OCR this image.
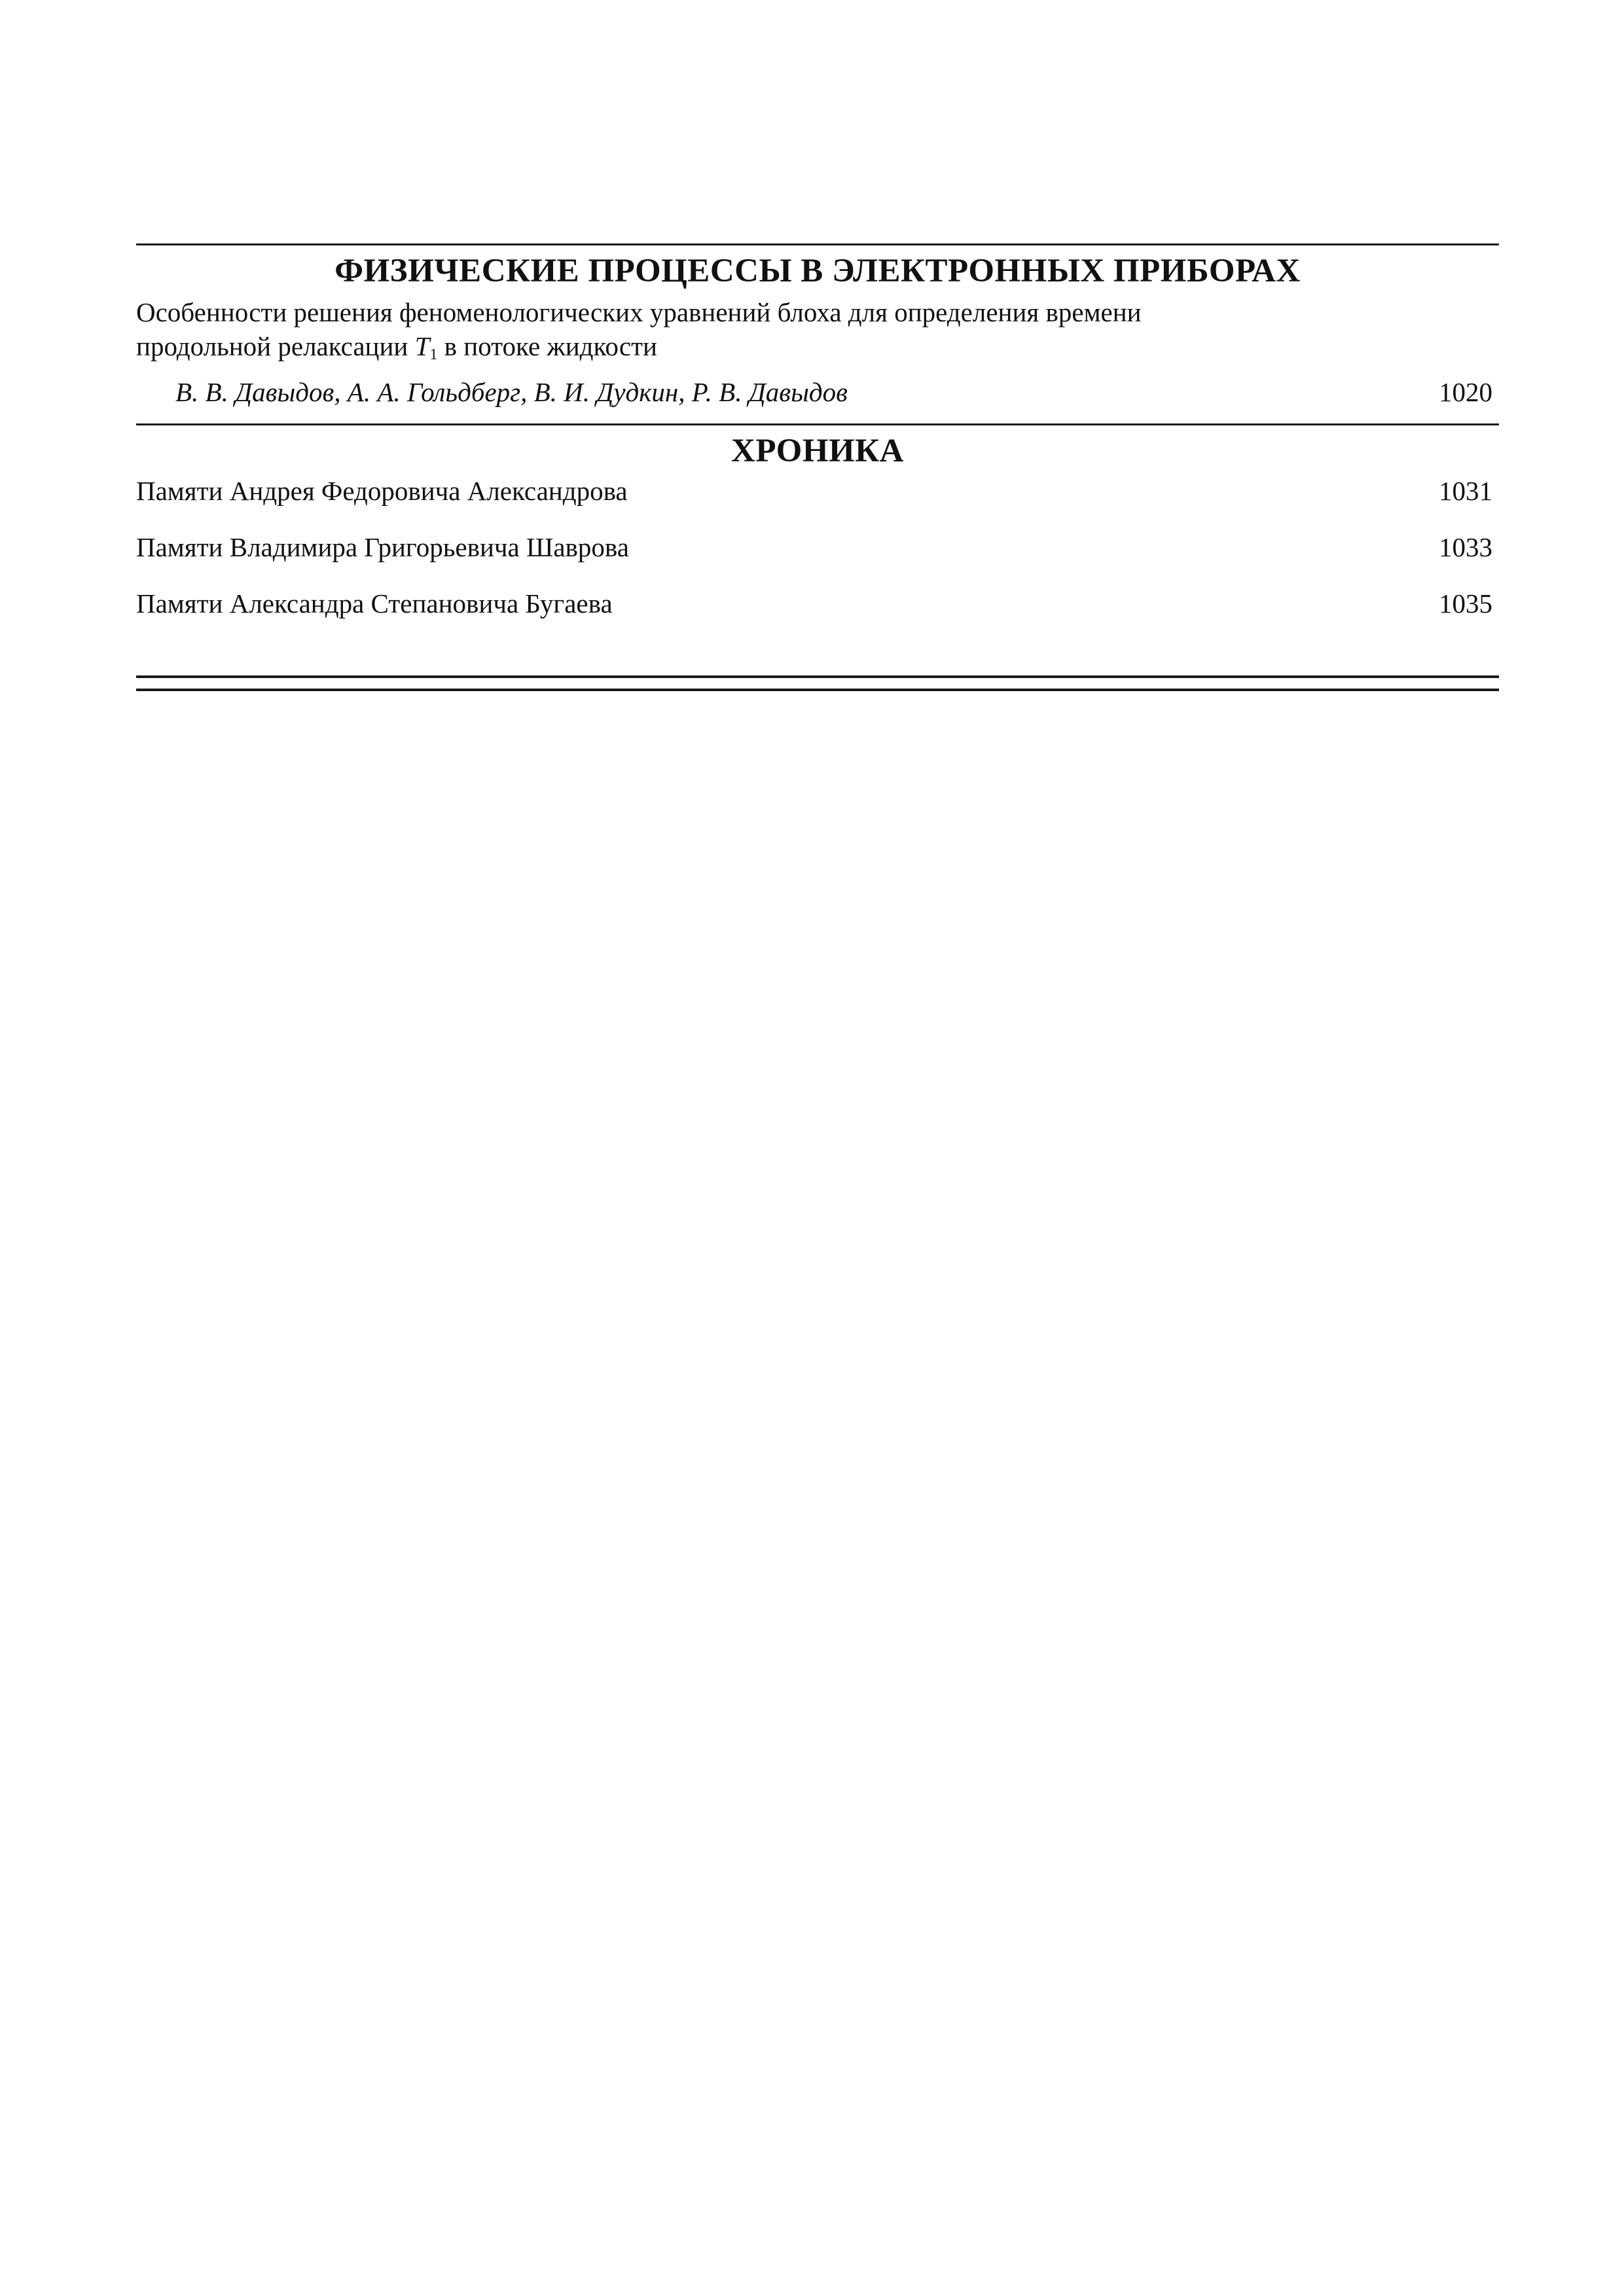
ФИЗИЧЕСКИЕ ПРОЦЕССЫ В ЭЛЕКТРОННЫХ ПРИБОРАХ
Особенности решения феноменологических уравнений блоха для определения времени
продольной релаксации $T_1$ в потоке жидкости
В. В. Давыдов, А. А. Гольдберг, В. И. Дудкин, Р. В. Давыдов	1020
ХРОНИКА
Памяти Андрея Федоровича Александрова	1031
Памяти Владимира Григорьевича Шаврова	1033
Памяти Александра Степановича Бугаева	1035
